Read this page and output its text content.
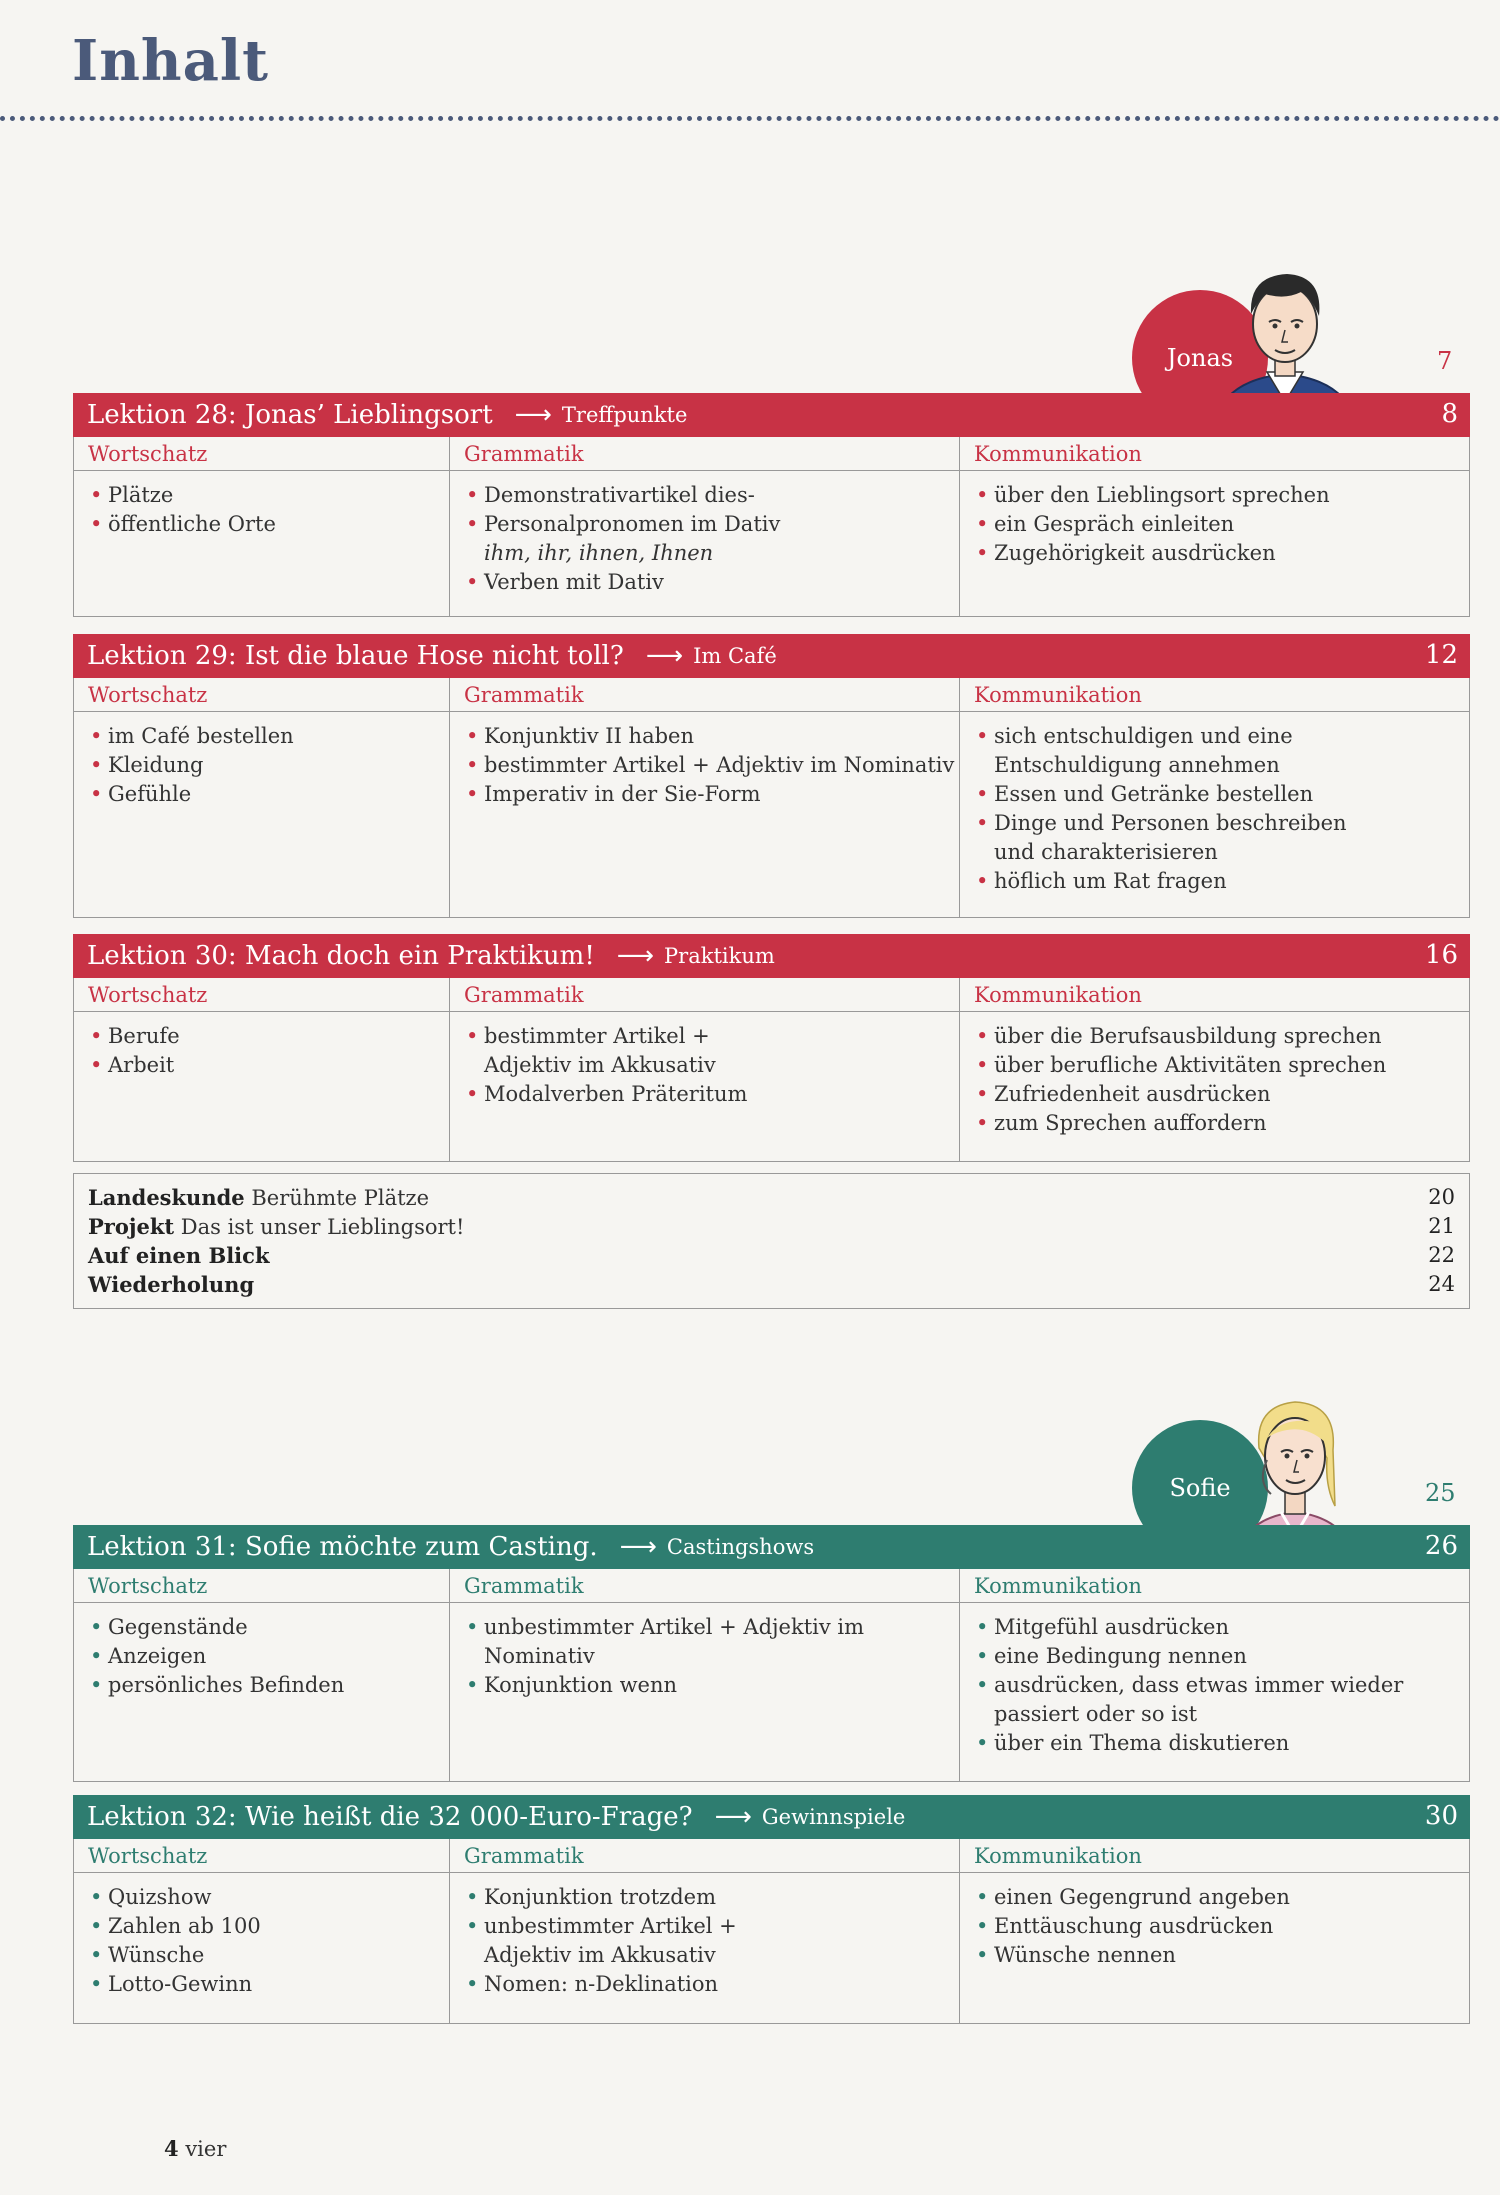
Inhalt
Jonas	7
Lektion 28: Jonas’ Lieblingsort ⟶ Treffpunkte	8
Wortschatz
• Plätze
• öffentliche Orte
Grammatik
• Demonstrativartikel dies-
• Personalpronomen im Dativ
ihm, ihr, ihnen, Ihnen
• Verben mit Dativ
Kommunikation
• über den Lieblingsort sprechen
• ein Gespräch einleiten
• Zugehörigkeit ausdrücken
Lektion 29: Ist die blaue Hose nicht toll? ⟶ Im Café	12
Wortschatz
• im Café bestellen
• Kleidung
• Gefühle
Grammatik
• Konjunktiv II haben
• bestimmter Artikel + Adjektiv im Nominativ
• Imperativ in der Sie-Form
Kommunikation
• sich entschuldigen und eine
Entschuldigung annehmen
• Essen und Getränke bestellen
• Dinge und Personen beschreiben
und charakterisieren
• höflich um Rat fragen
Lektion 30: Mach doch ein Praktikum! ⟶ Praktikum	16
Wortschatz
• Berufe
• Arbeit
Grammatik
• bestimmter Artikel +
Adjektiv im Akkusativ
• Modalverben Präteritum
Kommunikation
• über die Berufsausbildung sprechen
• über berufliche Aktivitäten sprechen
• Zufriedenheit ausdrücken
• zum Sprechen auffordern
Landeskunde Berühmte Plätze	20
Projekt Das ist unser Lieblingsort!	21
Auf einen Blick	22
Wiederholung	24
Sofie	25
Lektion 31: Sofie möchte zum Casting. ⟶ Castingshows	26
Wortschatz
• Gegenstände
• Anzeigen
• persönliches Befinden
Grammatik
• unbestimmter Artikel + Adjektiv im
Nominativ
• Konjunktion wenn
Kommunikation
• Mitgefühl ausdrücken
• eine Bedingung nennen
• ausdrücken, dass etwas immer wieder
passiert oder so ist
• über ein Thema diskutieren
Lektion 32: Wie heißt die 32 000-Euro-Frage? ⟶ Gewinnspiele	30
Wortschatz
• Quizshow
• Zahlen ab 100
• Wünsche
• Lotto-Gewinn
Grammatik
• Konjunktion trotzdem
• unbestimmter Artikel +
Adjektiv im Akkusativ
• Nomen: n-Deklination
Kommunikation
• einen Gegengrund angeben
• Enttäuschung ausdrücken
• Wünsche nennen
4 vier
